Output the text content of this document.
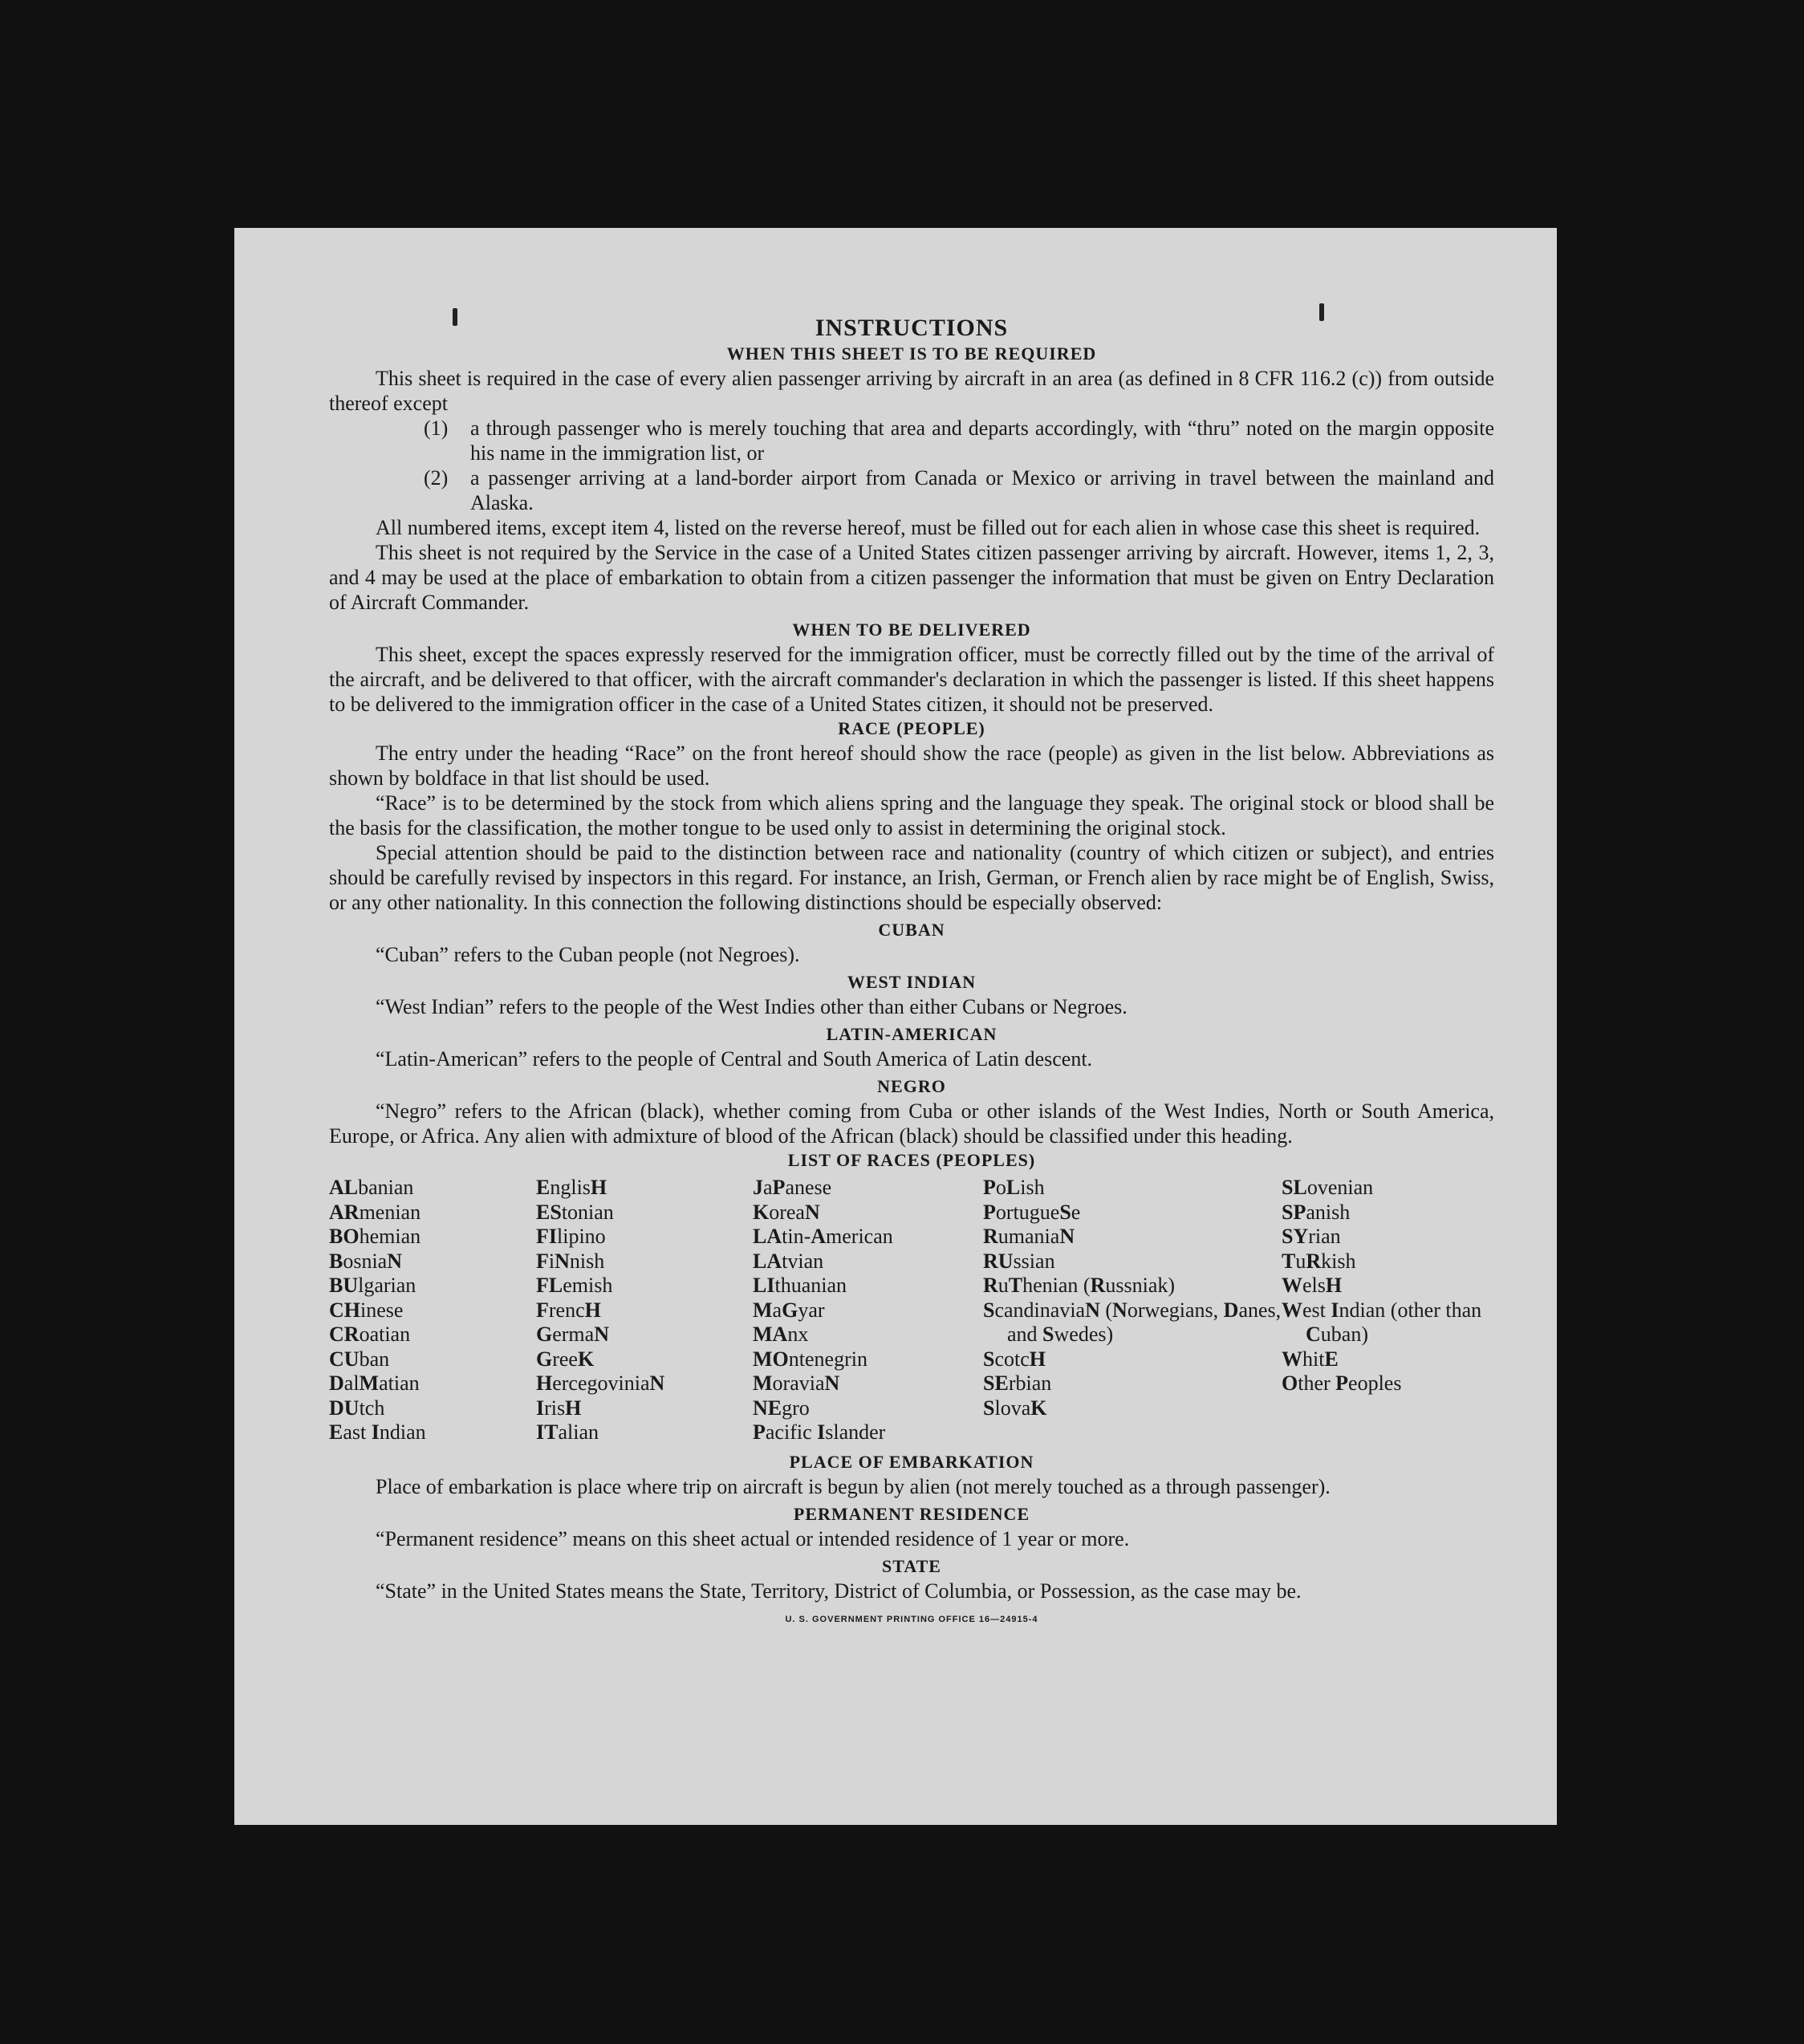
INSTRUCTIONS
WHEN THIS SHEET IS TO BE REQUIRED

This sheet is required in the case of every alien passenger arriving by aircraft in an area (as defined in 8 CFR 116.2 (c)) from outside thereof except

(1)	a through passenger who is merely touching that area and departs accordingly, with “thru” noted on the margin opposite his name in the immigration list, or
(2)	a passenger arriving at a land-border airport from Canada or Mexico or arriving in travel between the mainland and Alaska.

All numbered items, except item 4, listed on the reverse hereof, must be filled out for each alien in whose case this sheet is required.

This sheet is not required by the Service in the case of a United States citizen passenger arriving by aircraft. However, items 1, 2, 3, and 4 may be used at the place of embarkation to obtain from a citizen passenger the information that must be given on Entry Declaration of Aircraft Commander.

WHEN TO BE DELIVERED

This sheet, except the spaces expressly reserved for the immigration officer, must be correctly filled out by the time of the arrival of the aircraft, and be delivered to that officer, with the aircraft commander's declaration in which the passenger is listed. If this sheet happens to be delivered to the immigration officer in the case of a United States citizen, it should not be preserved.

RACE (PEOPLE)

The entry under the heading “Race” on the front hereof should show the race (people) as given in the list below. Abbreviations as shown by boldface in that list should be used.

“Race” is to be determined by the stock from which aliens spring and the language they speak. The original stock or blood shall be the basis for the classification, the mother tongue to be used only to assist in determining the original stock.

Special attention should be paid to the distinction between race and nationality (country of which citizen or subject), and entries should be carefully revised by inspectors in this regard. For instance, an Irish, German, or French alien by race might be of English, Swiss, or any other nationality. In this connection the following distinctions should be especially observed:

CUBAN

“Cuban” refers to the Cuban people (not Negroes).

WEST INDIAN

“West Indian” refers to the people of the West Indies other than either Cubans or Negroes.

LATIN-AMERICAN

“Latin-American” refers to the people of Central and South America of Latin descent.

NEGRO

“Negro” refers to the African (black), whether coming from Cuba or other islands of the West Indies, North or South America, Europe, or Africa. Any alien with admixture of blood of the African (black) should be classified under this heading.

LIST OF RACES (PEOPLES)
ALbanian
ARmenian
BOhemian
BosniaN
BUlgarian
CHinese
CRoatian
CUban
DalMatian
DUtch
East Indian
EnglisH
EStonian
FIlipino
FiNnish
FLemish
FrencH
GermaN
GreeK
HercegoviniaN
IrisH
ITalian
JaPanese
KoreaN
LAtin-American
LAtvian
LIthuanian
MaGyar
MAnx
MOntenegrin
MoraviaN
NEgro
Pacific Islander
PoLish
PortugueSe
RumaniaN
RUssian
RuThenian (Russniak)
ScandinaviaN (Norwegians, Danes, and Swedes)
ScotcH
SErbian
SlovaK
SLovenian
SPanish
SYrian
TuRkish
WelsH
West Indian (other than Cuban)
WhitE
Other Peoples
PLACE OF EMBARKATION

Place of embarkation is place where trip on aircraft is begun by alien (not merely touched as a through passenger).

PERMANENT RESIDENCE

“Permanent residence” means on this sheet actual or intended residence of 1 year or more.

STATE

“State” in the United States means the State, Territory, District of Columbia, or Possession, as the case may be.

U. S. GOVERNMENT PRINTING OFFICE 16—24915-4
